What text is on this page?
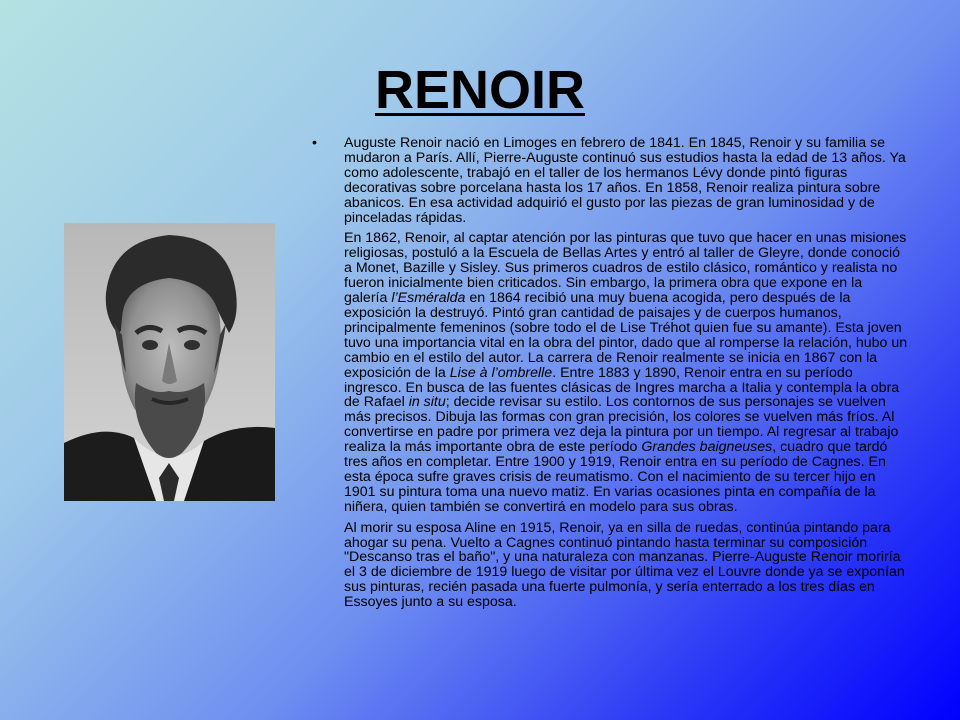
RENOIR
• Auguste Renoir nació en Limoges en febrero de 1841. En 1845, Renoir y su familia se mudaron a París. Allí, Pierre-Auguste continuó sus estudios hasta la edad de 13 años. Ya como adolescente, trabajó en el taller de los hermanos Lévy donde pintó figuras decorativas sobre porcelana hasta los 17 años. En 1858, Renoir realiza pintura sobre abanicos. En esa actividad adquirió el gusto por las piezas de gran luminosidad y de pinceladas rápidas.
En 1862, Renoir, al captar atención por las pinturas que tuvo que hacer en unas misiones religiosas, postuló a la Escuela de Bellas Artes y entró al taller de Gleyre, donde conoció a Monet, Bazille y Sisley. Sus primeros cuadros de estilo clásico, romántico y realista no fueron inicialmente bien criticados. Sin embargo, la primera obra que expone en la galería l’Esméralda en 1864 recibió una muy buena acogida, pero después de la exposición la destruyó. Pintó gran cantidad de paisajes y de cuerpos humanos, principalmente femeninos (sobre todo el de Lise Tréhot quien fue su amante). Esta joven tuvo una importancia vital en la obra del pintor, dado que al romperse la relación, hubo un cambio en el estilo del autor. La carrera de Renoir realmente se inicia en 1867 con la exposición de la Lise à l’ombrelle. Entre 1883 y 1890, Renoir entra en su período ingresco. En busca de las fuentes clásicas de Ingres marcha a Italia y contempla la obra de Rafael in situ; decide revisar su estilo. Los contornos de sus personajes se vuelven más precisos. Dibuja las formas con gran precisión, los colores se vuelven más fríos. Al convertirse en padre por primera vez deja la pintura por un tiempo. Al regresar al trabajo realiza la más importante obra de este período Grandes baigneuses, cuadro que tardó tres años en completar. Entre 1900 y 1919, Renoir entra en su período de Cagnes. En esta época sufre graves crisis de reumatismo. Con el nacimiento de su tercer hijo en 1901 su pintura toma una nuevo matiz. En varias ocasiones pinta en compañía de la niñera, quien también se convertirá en modelo para sus obras.
Al morir su esposa Aline en 1915, Renoir, ya en silla de ruedas, continúa pintando para ahogar su pena. Vuelto a Cagnes continuó pintando hasta terminar su composición "Descanso tras el baño", y una naturaleza con manzanas. Pierre-Auguste Renoir moriría el 3 de diciembre de 1919 luego de visitar por última vez el Louvre donde ya se exponían sus pinturas, recién pasada una fuerte pulmonía, y sería enterrado a los tres días en Essoyes junto a su esposa.
